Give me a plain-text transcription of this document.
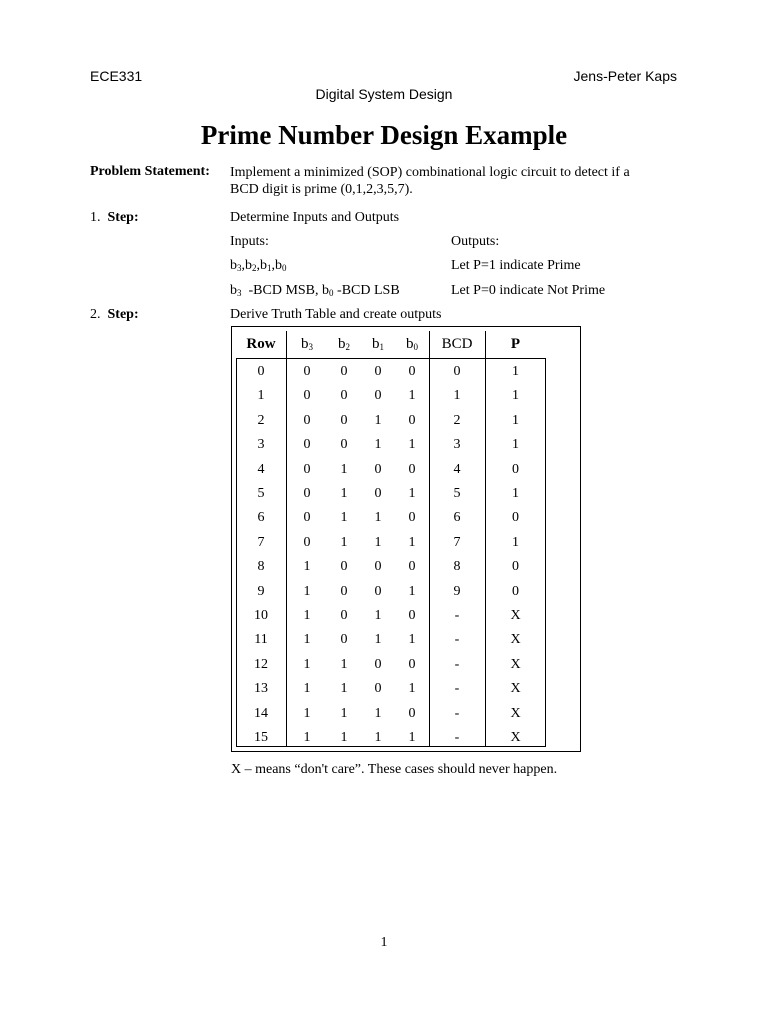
ECE331	Jens-Peter Kaps
Digital System Design
Prime Number Design Example
Problem Statement: Implement a minimized (SOP) combinational logic circuit to detect if a
BCD digit is prime (0,1,2,3,5,7).
1. Step:	Determine Inputs and Outputs
Inputs:	Outputs:
$b_3,b_2,b_1,b_0$	Let P=1 indicate Prime
$b_3$  -BCD MSB, $b_0$ -BCD LSB	Let P=0 indicate Not Prime
2. Step:	Derive Truth Table and create outputs
Row	$b_3$	$b_2$	$b_1$	$b_0$	BCD	P
0	0	0	0	0	0	1
1	0	0	0	1	1	1
2	0	0	1	0	2	1
3	0	0	1	1	3	1
4	0	1	0	0	4	0
5	0	1	0	1	5	1
6	0	1	1	0	6	0
7	0	1	1	1	7	1
8	1	0	0	0	8	0
9	1	0	0	1	9	0
10	1	0	1	0	-	X
11	1	0	1	1	-	X
12	1	1	0	0	-	X
13	1	1	0	1	-	X
14	1	1	1	0	-	X
15	1	1	1	1	-	X
X – means “don't care”. These cases should never happen.
1
